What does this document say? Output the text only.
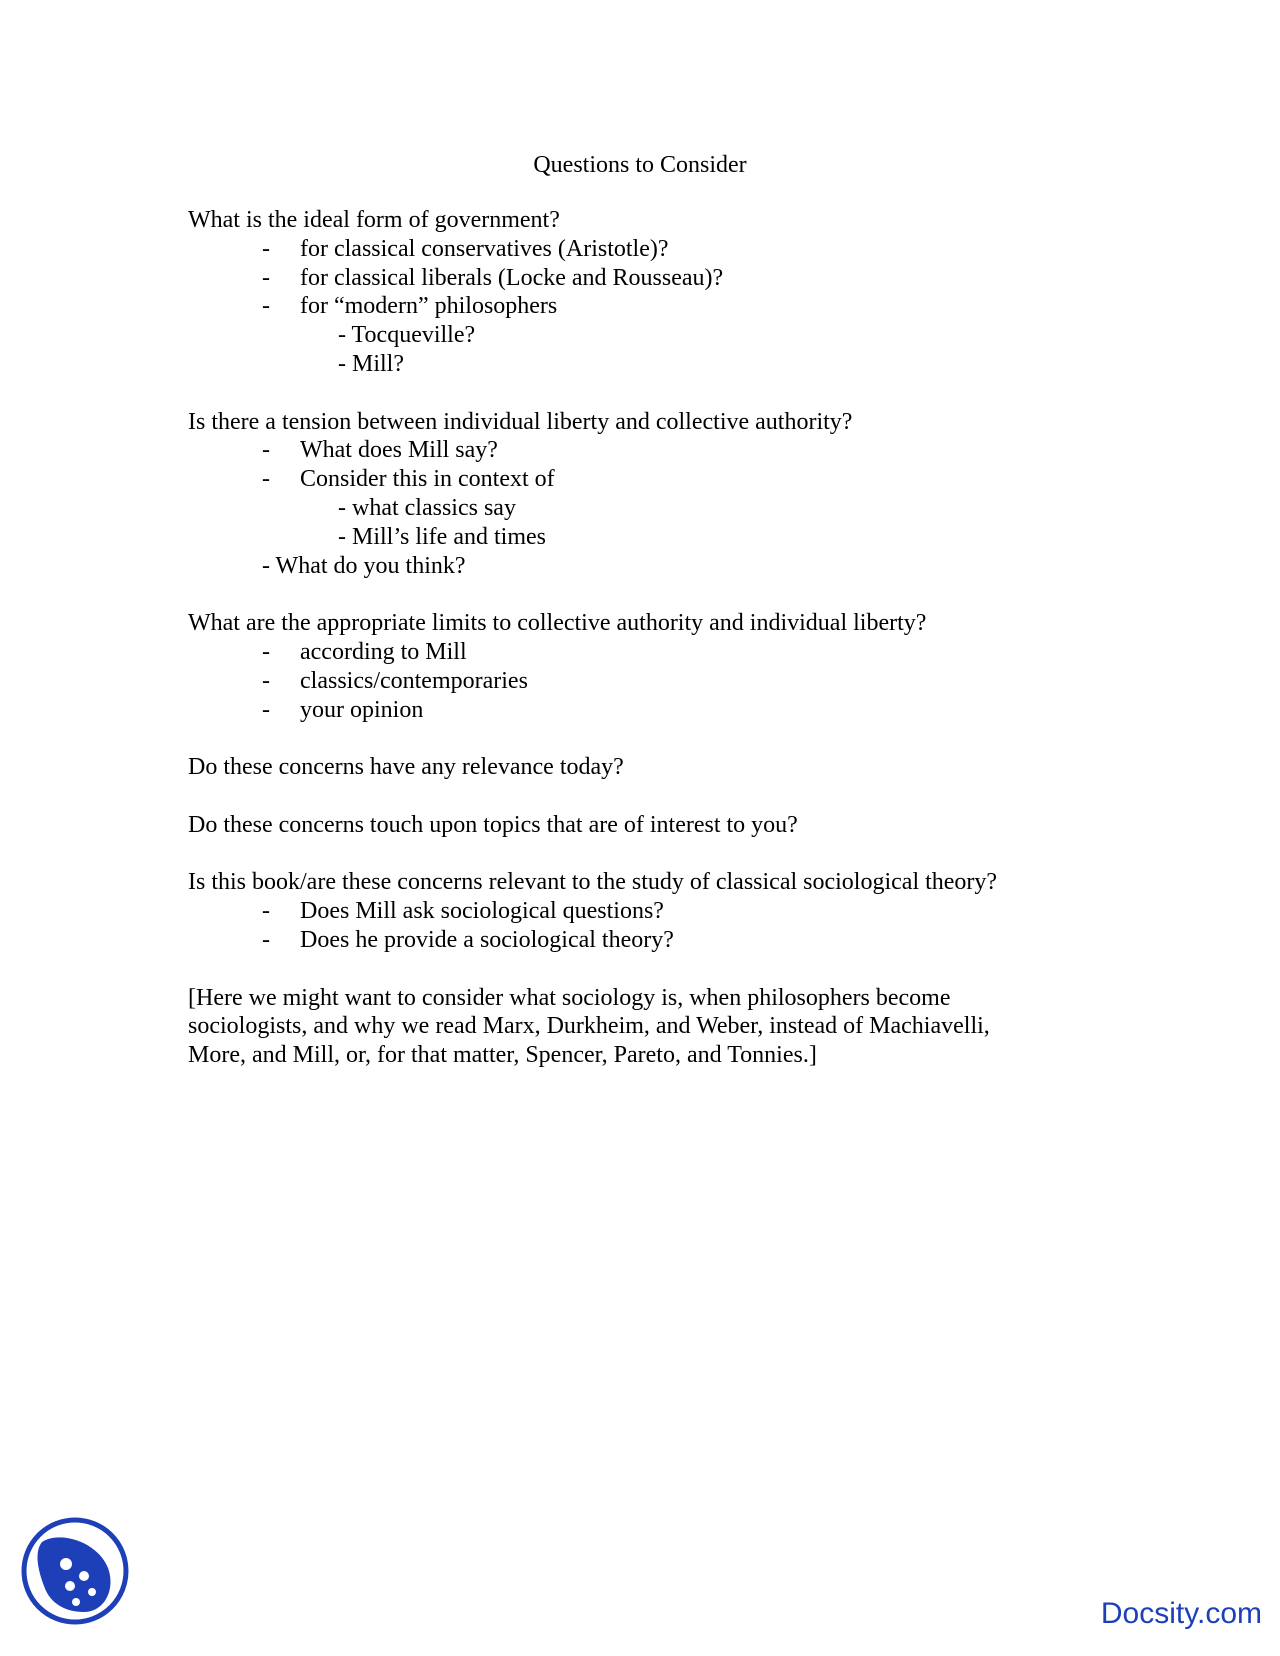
Questions to Consider
What is the ideal form of government?
- for classical conservatives (Aristotle)?
- for classical liberals (Locke and Rousseau)?
- for “modern” philosophers
- Tocqueville?
- Mill?
Is there a tension between individual liberty and collective authority?
- What does Mill say?
- Consider this in context of
- what classics say
- Mill’s life and times
- What do you think?
What are the appropriate limits to collective authority and individual liberty?
- according to Mill
- classics/contemporaries
- your opinion
Do these concerns have any relevance today?
Do these concerns touch upon topics that are of interest to you?
Is this book/are these concerns relevant to the study of classical sociological theory?
- Does Mill ask sociological questions?
- Does he provide a sociological theory?
[Here we might want to consider what sociology is, when philosophers become
sociologists, and why we read Marx, Durkheim, and Weber, instead of Machiavelli,
More, and Mill, or, for that matter, Spencer, Pareto, and Tonnies.]
Docsity.com
